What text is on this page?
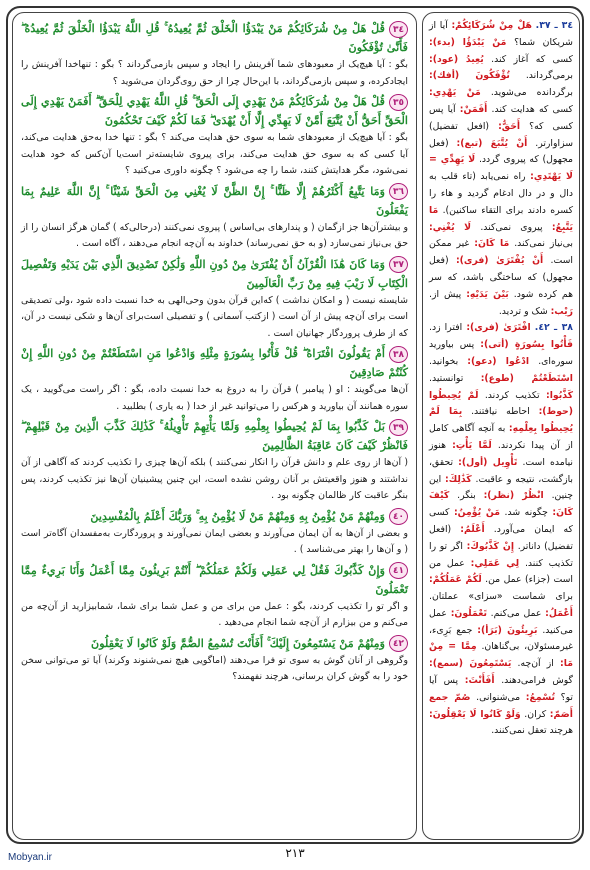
٣٤قُلْ هَلْ مِنْ شُرَكَائِكُمْ مَنْ يَبْدَؤُا الْخَلْقَ ثُمَّ يُعِيدُهُ ۚ قُلِ اللَّهُ يَبْدَؤُا الْخَلْقَ ثُمَّ يُعِيدُهُ ۖ فَأَنَّىٰ تُؤْفَكُونَ
بگو : آیا هیچ‌یک از معبودهای شما آفرینش را ایجاد و سپس بازمی‌گرداند ؟ بگو : تنهاخدا آفرینش را ایجادکرده، و سپس بازمی‌گرداند، با این‌حال چرا از حق روی‌گردان می‌شوید ؟
٣٥قُلْ هَلْ مِنْ شُرَكَائِكُمْ مَنْ يَهْدِي إِلَى الْحَقِّ ۚ قُلِ اللَّهُ يَهْدِي لِلْحَقِّ ۗ أَفَمَنْ يَهْدِي إِلَى الْحَقِّ أَحَقُّ أَنْ يُتَّبَعَ أَمَّنْ لَا يَهِدِّي إِلَّا أَنْ يُهْدَىٰ ۖ فَمَا لَكُمْ كَيْفَ تَحْكُمُونَ
بگو : آیا هیچ‌یک از معبودهای شما به سوی حق هدایت می‌کند ؟ بگو : تنها خدا به‌حق هدایت می‌کند، آیا کسی که به سوی حق هدایت می‌کند، برای پیروی شایسته‌تر است‌یا آن‌کس که خود هدایت نمی‌شود، مگر هدایتش کنند، شما را چه می‌شود ؟ چگونه داوری می‌کنید ؟
٣٦وَمَا يَتَّبِعُ أَكْثَرُهُمْ إِلَّا ظَنًّا ۚ إِنَّ الظَّنَّ لَا يُغْنِي مِنَ الْحَقِّ شَيْئًا ۚ إِنَّ اللَّهَ عَلِيمٌ بِمَا يَفْعَلُونَ
و بیشترآن‌ها جز ازگمان ( و پندارهای بی‌اساس ) پیروی نمی‌کنند (درحالی‌که ) گمان هرگز انسان را از حق بی‌نیاز نمی‌سازد (و به حق نمی‌رساند) خداوند به آن‌چه انجام می‌دهند ، آگاه است .
٣٧وَمَا كَانَ هَٰذَا الْقُرْآنُ أَنْ يُفْتَرَىٰ مِنْ دُونِ اللَّهِ وَلَٰكِنْ تَصْدِيقَ الَّذِي بَيْنَ يَدَيْهِ وَتَفْصِيلَ الْكِتَابِ لَا رَيْبَ فِيهِ مِنْ رَبِّ الْعَالَمِينَ
شایسته نیست ( و امکان نداشت ) که‌این قرآن بدون وحی‌الهی به خدا نسبت داده شود ،ولی تصدیقی است برای آن‌چه پیش از آن است ( ازکتب آسمانی ) و تفصیلی است‌برای آن‌ها و شکی نیست در آن، که از طرف پروردگار جهانیان است .
٣٨أَمْ يَقُولُونَ افْتَرَاهُ ۖ قُلْ فَأْتُوا بِسُورَةٍ مِثْلِهِ وَادْعُوا مَنِ اسْتَطَعْتُمْ مِنْ دُونِ اللَّهِ إِنْ كُنْتُمْ صَادِقِينَ
آن‌ها می‌گویند : او ( پیامبر ) قرآن را به دروغ به خدا نسبت داده، بگو : اگر راست می‌گویید ، یک سوره همانند آن بیاورید و هرکس را می‌توانید غیر از خدا ( به یاری ) بطلبید .
٣٩بَلْ كَذَّبُوا بِمَا لَمْ يُحِيطُوا بِعِلْمِهِ وَلَمَّا يَأْتِهِمْ تَأْوِيلُهُ ۚ كَذَٰلِكَ كَذَّبَ الَّذِينَ مِنْ قَبْلِهِمْ ۖ فَانْظُرْ كَيْفَ كَانَ عَاقِبَةُ الظَّالِمِينَ
( آن‌ها از روی علم و دانش قرآن را انکار نمی‌کنند ) بلکه آن‌ها چیزی را تکذیب کردند که آگاهی از آن نداشتند و هنوز واقعیتش بر آنان روشن نشده است، این چنین پیشینیان آن‌ها نیز تکذیب کردند، پس بنگر عاقبت کار ظالمان چگونه بود .
٤٠وَمِنْهُمْ مَنْ يُؤْمِنُ بِهِ وَمِنْهُمْ مَنْ لَا يُؤْمِنُ بِهِ ۚ وَرَبُّكَ أَعْلَمُ بِالْمُفْسِدِينَ
و بعضی از آن‌ها به آن ایمان می‌آورند و بعضی ایمان نمی‌آورند و پروردگارت به‌مفسدان آگاه‌تر است ( و آن‌ها را بهتر می‌شناسد ) .
٤١وَإِنْ كَذَّبُوكَ فَقُلْ لِي عَمَلِي وَلَكُمْ عَمَلُكُمْ ۖ أَنْتُمْ بَرِيئُونَ مِمَّا أَعْمَلُ وَأَنَا بَرِيءٌ مِمَّا تَعْمَلُونَ
و اگر تو را تکذیب کردند، بگو : عمل من برای من و عمل شما برای شما، شمابیزارید از آن‌چه من می‌کنم و من بیزارم از آن‌چه شما انجام می‌دهید .
٤٢وَمِنْهُمْ مَنْ يَسْتَمِعُونَ إِلَيْكَ ۚ أَفَأَنْتَ تُسْمِعُ الصُّمَّ وَلَوْ كَانُوا لَا يَعْقِلُونَ
وگروهی از آنان گوش به سوی تو فرا می‌دهند (اماگویی هیچ نمی‌شنوند وکرند) آیا تو می‌توانی سخن خود را به گوش کران برسانی، هرچند نفهمند؟
٣٤ ـ ٣٧. هَلْ مِنْ شُرَكَائِكُمْ: آیا از شریکان شما؟ مَنْ يَبْدَؤُا (بدء): کسی که آغاز کند. يُعِيدُ (عود): بر‌می‌گرداند. تُؤْفَكُونَ (أفك): برگردانده می‌شوید. مَنْ يَهْدِي: کسی که هدایت کند. أَفَمَنْ: آیا پس کسی که؟ أَحَقُّ: (افعل تفضیل) سزاوارتر. أَنْ يُتَّبَعَ (تبع): (فعل مجهول) که پیروی گردد. لَا يَهِدِّي = لَا يَهْتَدِي: راه نمی‌یابد (تاء قلب به دال و در دال ادغام گردید و هاء را کسره دادند برای التقاء ساکنین). مَا يَتَّبِعُ: پیروی نمی‌کند. لَا يُغْنِي: بی‌نیاز نمی‌کند. مَا كَانَ: غیر ممکن است. أَنْ يُفْتَرَىٰ (فری): (فعل مجهول) که ساختگی باشد، که سر هم کرده شود. بَيْنَ يَدَيْهِ: پیش از. رَيْب: شک و تردید.
٣٨ ـ ٤٢. افْتَرَىٰ (فری): افترا زد. فَأْتُوا بِسُورَةٍ (أتی): پس بیاورید سوره‌ای. ادْعُوا (دعو): بخوانید. اسْتَطَعْتُمْ (طوع): توانستید. كَذَّبُوا: تکذیب کردند. لَمْ يُحِيطُوا (حوط): احاطه نیافتند. بِمَا لَمْ يُحِيطُوا بِعِلْمِهِ: به آنچه آگاهی کامل از آن پیدا نکردند. لَمَّا يَأْتِ: هنوز نیامده است. تَأْوِيل (أول): تحقق، بازگشت، نتیجه و عاقبت. كَذَٰلِكَ: این چنین. انْظُرْ (نظر): بنگر. كَيْفَ كَانَ: چگونه شد. مَنْ يُؤْمِنُ: کسی که ایمان می‌آورد. أَعْلَمُ: (افعل تفضیل) داناتر. إِنْ كَذَّبُوكَ: اگر تو را تکذیب کنند. لِي عَمَلِي: عمل من است (جزاء) عمل من. لَكُمْ عَمَلُكُمْ: برای شماست «سزای» عملتان. أَعْمَلُ: عمل می‌کنم. تَعْمَلُونَ: عمل می‌کنید. بَرِيئُونَ (بَرَأ): جمع بَرِیء، غیرمسئولان، بی‌گناهان. مِمَّا = مِنْ مَا: از آن‌چه. يَسْتَمِعُونَ (سمع): گوش فرامی‌دهند. أَفَأَنْتَ: پس آیا تو؟ تُسْمِعُ: می‌شنوانی. صُمّ جمع أَصَمّ: کران. وَلَوْ كَانُوا لَا يَعْقِلُونَ: هرچند تعقل نمی‌کنند.
٢١٣
Mobyan.ir
